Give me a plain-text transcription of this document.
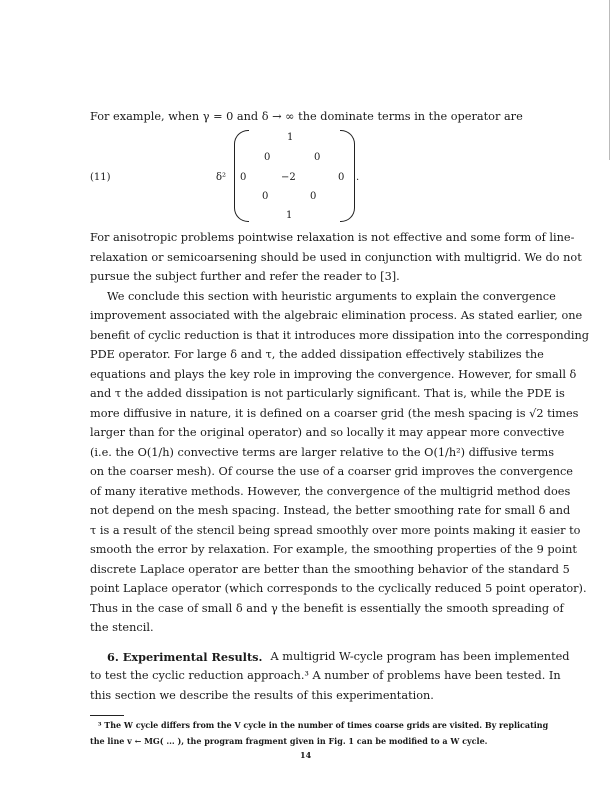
For example, when γ = 0 and δ → ∞ the dominate terms in the operator are
(11)	δ²
1
0	0
0	−2	0
0	0
1
.
For anisotropic problems pointwise relaxation is not effective and some form of line-
relaxation or semicoarsening should be used in conjunction with multigrid. We do not
pursue the subject further and refer the reader to [3].
We conclude this section with heuristic arguments to explain the convergence
improvement associated with the algebraic elimination process. As stated earlier, one
benefit of cyclic reduction is that it introduces more dissipation into the corresponding
PDE operator. For large δ and τ, the added dissipation effectively stabilizes the
equations and plays the key role in improving the convergence. However, for small δ
and τ the added dissipation is not particularly significant. That is, while the PDE is
more diffusive in nature, it is defined on a coarser grid (the mesh spacing is √2 times
larger than for the original operator) and so locally it may appear more convective
(i.e. the O(1/h) convective terms are larger relative to the O(1/h²) diffusive terms
on the coarser mesh). Of course the use of a coarser grid improves the convergence
of many iterative methods. However, the convergence of the multigrid method does
not depend on the mesh spacing. Instead, the better smoothing rate for small δ and
τ is a result of the stencil being spread smoothly over more points making it easier to
smooth the error by relaxation. For example, the smoothing properties of the 9 point
discrete Laplace operator are better than the smoothing behavior of the standard 5
point Laplace operator (which corresponds to the cyclically reduced 5 point operator).
Thus in the case of small δ and γ the benefit is essentially the smooth spreading of
the stencil.
6. Experimental Results. A multigrid W-cycle program has been implemented
to test the cyclic reduction approach.³ A number of problems have been tested. In
this section we describe the results of this experimentation.
³ The W cycle differs from the V cycle in the number of times coarse grids are visited. By replicating
the line v ← MG( ... ), the program fragment given in Fig. 1 can be modified to a W cycle.
14
